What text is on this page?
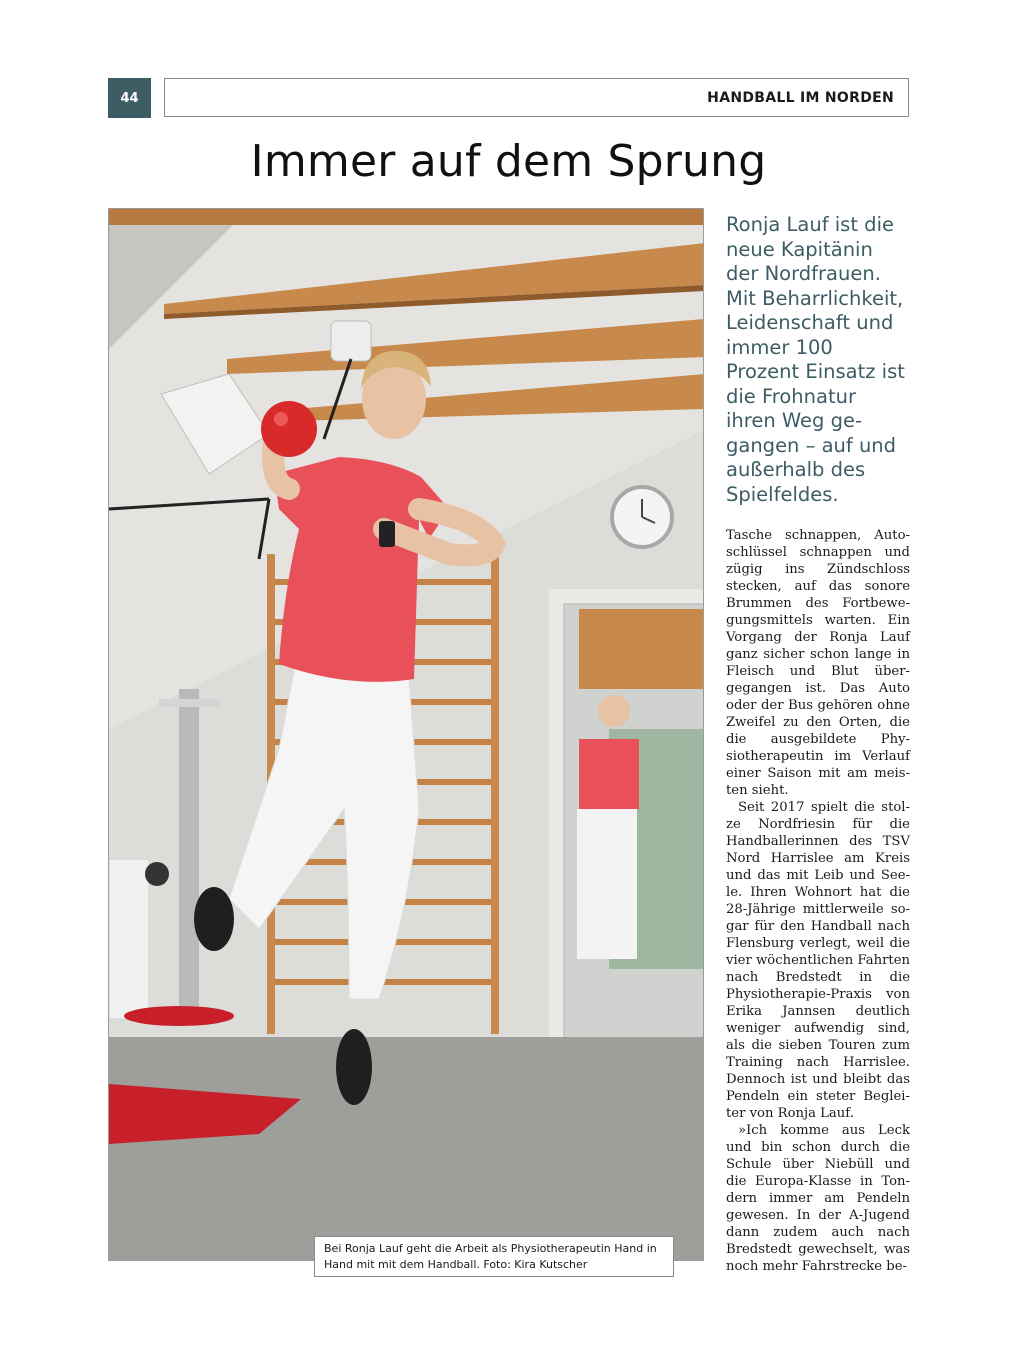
44	HANDBALL IM NORDEN
Immer auf dem Sprung
Bei Ronja Lauf geht die Arbeit als Physiotherapeutin Hand in Hand mit mit dem Handball. Foto: Kira Kutscher

Ronja Lauf ist die neue Kapitänin der Nordfrauen. Mit Beharrlichkeit, Leidenschaft und immer 100 Prozent Einsatz ist die Frohnatur ihren Weg gegangen – auf und außerhalb des Spielfeldes.

Tasche schnappen, Autoschlüssel schnappen und zügig ins Zündschloss stecken, auf das sonore Brummen des Fortbewegungsmittels warten. Ein Vorgang der Ronja Lauf ganz sicher schon lange in Fleisch und Blut übergegangen ist. Das Auto oder der Bus gehören ohne Zweifel zu den Orten, die die ausgebildete Physiotherapeutin im Verlauf einer Saison mit am meisten sieht.

Seit 2017 spielt die stolze Nordfriesin für die Handballerinnen des TSV Nord Harrislee am Kreis und das mit Leib und Seele. Ihren Wohnort hat die 28-Jährige mittlerweile sogar für den Handball nach Flensburg verlegt, weil die vier wöchentlichen Fahrten nach Bredstedt in die Physiotherapie-Praxis von Erika Jannsen deutlich weniger aufwendig sind, als die sieben Touren zum Training nach Harrislee. Dennoch ist und bleibt das Pendeln ein steter Begleiter von Ronja Lauf.

»Ich komme aus Leck und bin schon durch die Schule über Niebüll und die Europa-Klasse in Tondern immer am Pendeln gewesen. In der A-Jugend dann zudem auch nach Bredstedt gewechselt, was noch mehr Fahrstrecke be-
